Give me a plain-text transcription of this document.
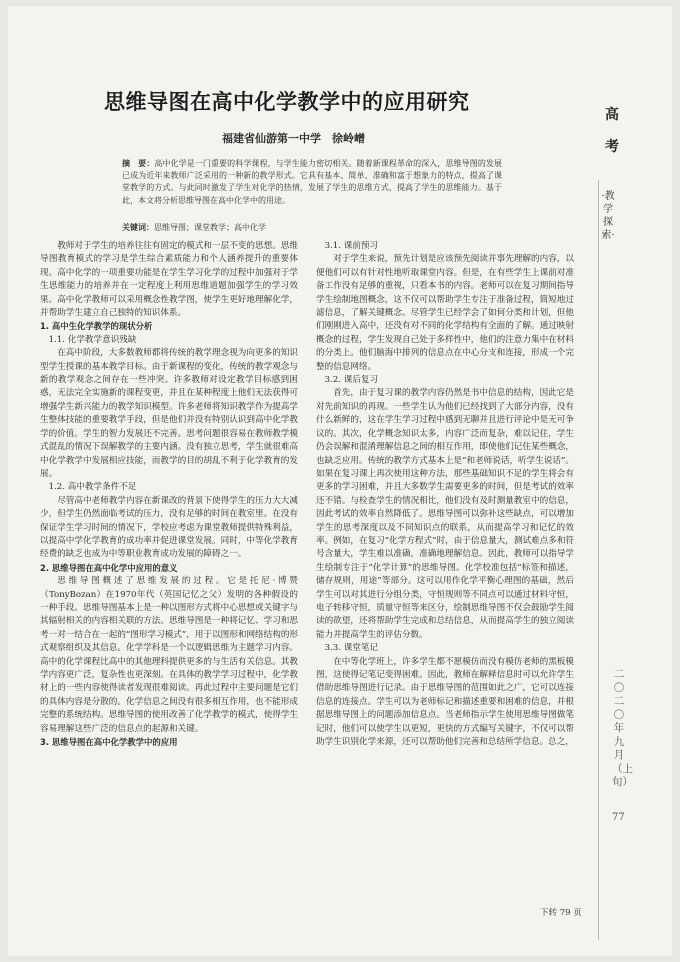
思维导图在高中化学教学中的应用研究
高
考
·教学探索·
二〇二〇年九月（上旬）
77
福建省仙游第一中学　徐岭嶒
摘　要：高中化学是一门重要的科学课程，与学生能力密切相关。随着新课程革命的深入，思维导图的发展已成为近年来教师广泛采用的一种新的教学形式。它具有基本、简单、准确和富于想象力的特点，提高了课堂教学的方式。与此同时激发了学生对化学的热情，发展了学生的思维方式，提高了学生的思维能力。基于此，本文将分析思维导图在高中化学中的用途。
关键词：思维导图；课堂教学；高中化学

教师对于学生的培养往往有固定的模式和一层不变的思想。思维导图教育模式的学习是学生综合素质能力和个人涵养提升的重要体现。高中化学的一项重要功能是在学生学习化学的过程中加强对于学生思维能力的培养并在一定程度上利用思维道题加强学生的学习效果。高中化学教师可以采用概念性教学图，使学生更好地理解化学，并帮助学生建立自己独特的知识体系。

1. 高中生化学教学的现状分析

1.1. 化学教学意识残缺

在高中阶段，大多数教师都将传统的教学理念视为向更多的知识型学生授课的基本教学目标。由于新课程的变化，传统的教学观念与新的教学观念之间存在一些冲突。许多教师对设定教学目标感到困惑，无法完全实施新的课程变更，并且在某种程度上他们无法获得可增强学生新兴能力的教学知识模型。许多老师将知识教学作为提高学生整体技能的重要教学手段，但是他们并没有特别认识到高中化学教学的价值。学生的智力发展还不完善。思考问题很容易在教师教学模式混乱的情况下误解教学的主要内涵。没有独立思考，学生就很难高中化学教学中发展相应技能，而教学的目的胡乱不利于化学教育的发展。

1.2. 高中教学条件不足

尽管高中老师教学内容在新课改的背景下使得学生的压力大大减少，但学生仍然面临考试的压力，没有足够的时间在教室里。在没有保证学生学习时间的情况下，学校应考虑为课堂教师提供特殊利益，以提高中学化学教育的成功率并促进课堂发展。同时，中等化学教育经费的缺乏也成为中等职业教育成功发展的障碍之一。

2. 思维导图在高中化学中应用的意义

思维导图概述了思维发展的过程。它是托尼·博赞（TonyBozan）在1970年代（英国记忆之父）发明的各种假设的一种手段。思维导图基本上是一种以图形方式将中心思想或关键字与其辐射相关的内容相关联的方法。思维导图是一种将记忆、学习和思考一对一结合在一起的“图形学习模式”，用于以图形和网络结构的形式观察组织及其信息。化学学科是一个以逻辑思维为主题学习内容。高中的化学课程比高中的其他理科提供更多的与生活有关信息。其教学内容更广泛，复杂性也更深刻。在具体的教学学习过程中，化学教材上的一些内容使得读者发现很难阅读。再此过程中主要问题是它们的具体内容是分散的。化学信息之间没有很多相互作用，也不能形成完整的系统结构。思维导图的使用改善了化学教学的模式，使得学生容易理解这些广泛的信息点的起源和关键。

3. 思维导图在高中化学教学中的应用

3.1. 课前预习

对于学生来说，预先计划是应该预先阅读并事先理解的内容，以便他们可以有针对性地听取课堂内容。但是，在有些学生上课前对准备工作没有足够的重视，只看本书的内容。老师可以在复习期间指导学生绘制地图概念，这不仅可以帮助学生专注于准备过程，简短地过滤信息，了解关键概念。尽管学生已经学会了如何分类和计划，但他们刚刚进入高中，还没有对不同的化学结构有全面的了解。通过映射概念的过程，学生发现自己处于多样性中，他们的注意力集中在材料的分类上。他们脑海中排列的信息点在中心分支和连接，形成一个完整的信息网络。

3.2. 课后复习

首先，由于复习课的教学内容仍然是书中信息的结构，因此它是对先前知识的再现。一些学生认为他们已经找到了大部分内容，没有什么新鲜的，这在学生学习过程中感到无聊并且进行评论中是无可争议的。其次，化学概念知识太多，内容广泛而复杂，难以记住，学生仍会误解和混淆理解信息之间的相互作用，即使他们记住某些概念，也缺乏应用。传统的教学方式基本上是“和老师说话，听学生说话”。如果在复习课上再次使用这种方法，那些基础知识不足的学生将会有更多的学习困难，并且大多数学生需要更多的时间，但是考试的效率还不错。与检查学生的情况相比，他们没有及时测量教室中的信息，因此考试的效率自然降低了。思维导图可以弥补这些缺点，可以增加学生的思考深度以及不同知识点的联系，从而提高学习和记忆的效率。例如，在复习“化学方程式”时，由于信息量大，测试难点多和符号含量大，学生难以准确，准确地理解信息。因此，教师可以指导学生绘制专注于“化学计算”的思维导图。化学校准包括“标签和描述，储存规则，用途”等部分。这可以用作化学平衡心理图的基础，然后学生可以对其进行分组分类，守恒规则等不同点可以通过材料守恒，电子转移守恒，质量守恒等来区分，绘制思维导图不仅会鼓励学生阅读的欲望，还将帮助学生完成和总结信息，从而提高学生的独立阅读能力并提高学生的评估分数。

3.3. 课堂笔记

在中等化学班上，许多学生都不愿模仿而没有模仿老师的黑板模图，这使得记笔记变得困难。因此，教师在解释信息时可以允许学生借助思维导图进行记录。由于思维导图的范围如此之广，它可以连接信息的连接点。学生可以为老师标记和描述重要和困难的信息，并根据思维导图上的问题添加信息点。当老师指示学生使用思维导图做笔记时，他们可以使学生以更短，更快的方式编写关键字，不仅可以帮助学生识别化学来源，还可以帮助他们完善和总结所学信息。总之，

下转 79 页
